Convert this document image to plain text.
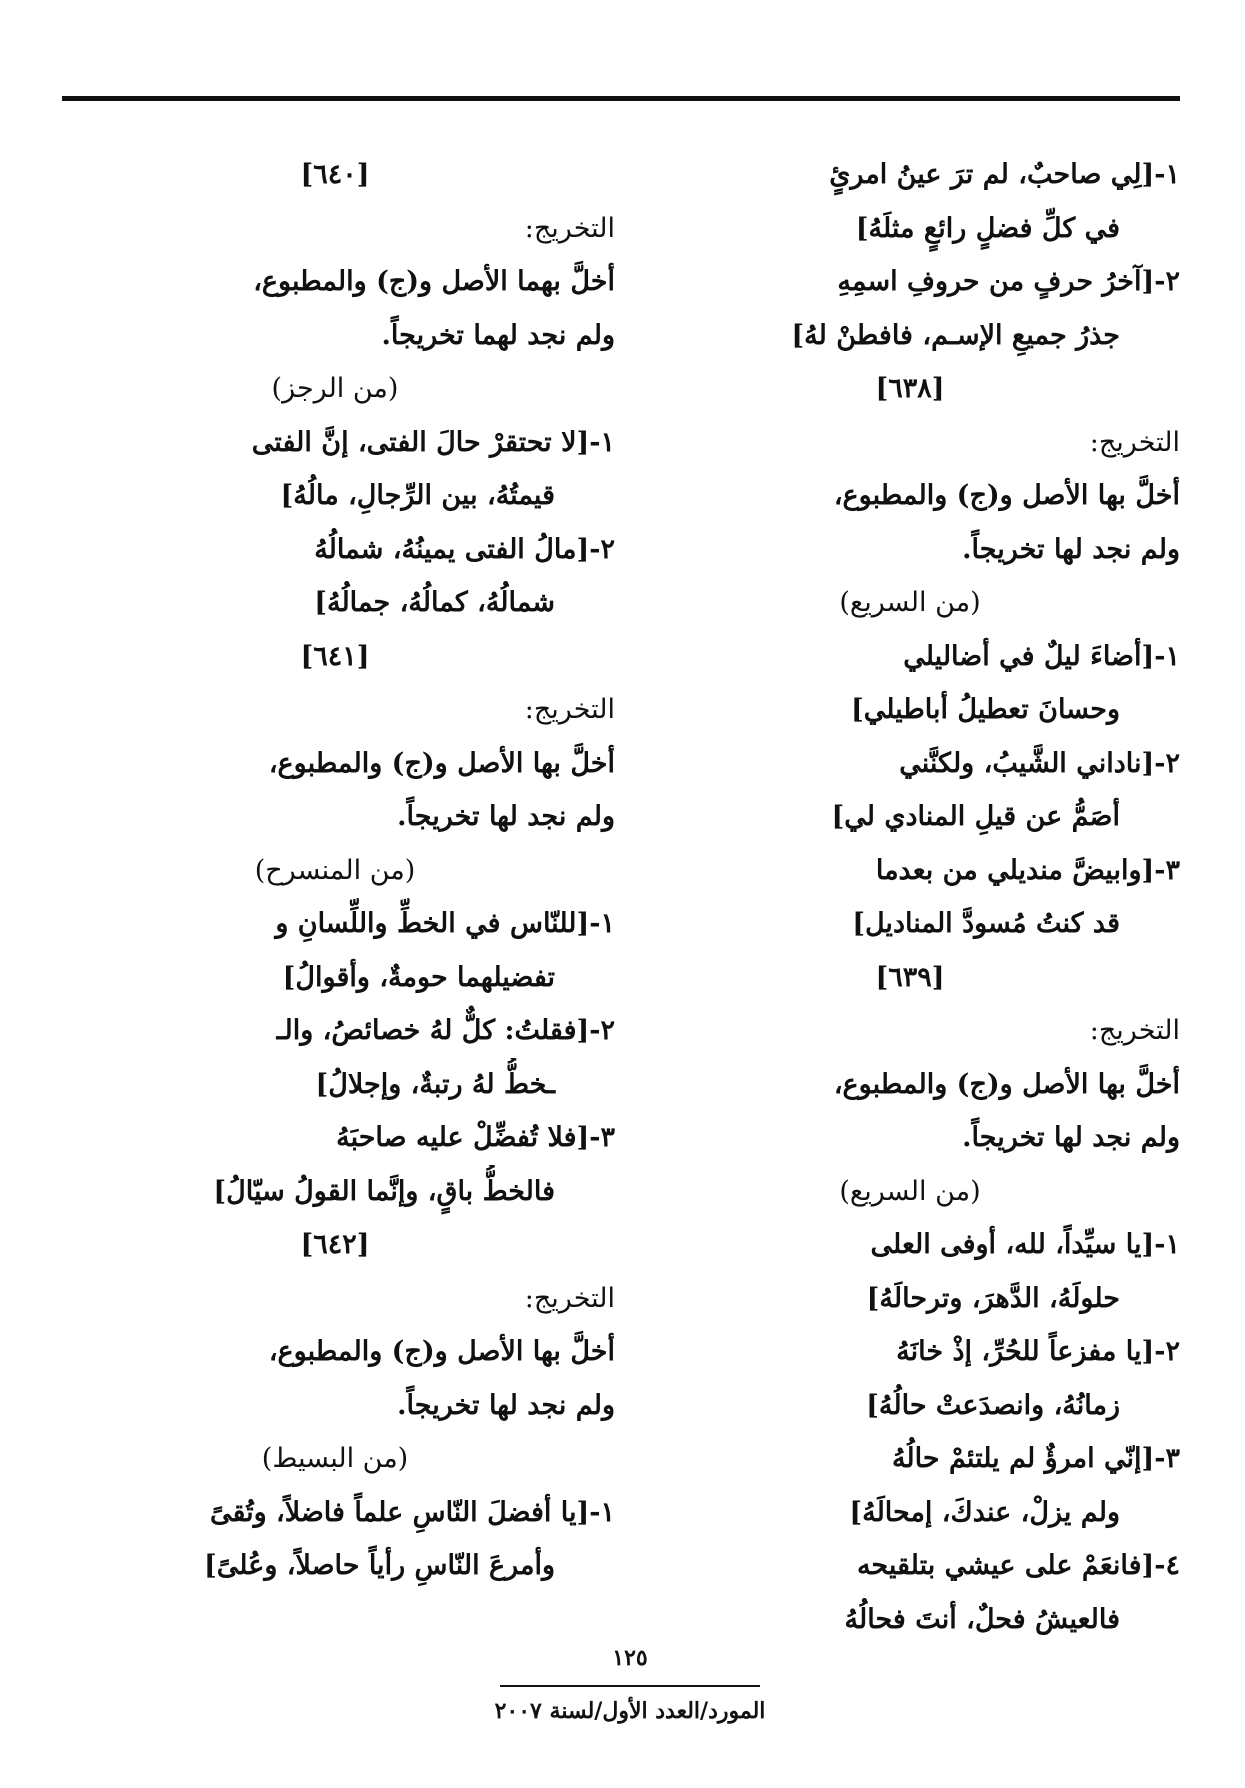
١-[لِي صاحبٌ، لم ترَ عينُ امرئٍ
في كلِّ فضلٍ رائعٍ مثلَهُ]
٢-[آخرُ حرفٍ من حروفِ اسمِهِ
جذرُ جميعِ الإسـم، فافطنْ لهُ]
[٦٣٨]
التخريج:
أخلَّ بها الأصل و(ج) والمطبوع،
ولم نجد لها تخريجاً.
(من السريع)
١-[أضاءَ ليلٌ في أضاليلي
وحسانَ تعطيلُ أباطيلي]
٢-[ناداني الشَّيبُ، ولكنَّني
أصَمُّ عن قيلِ المنادي لي]
٣-[وابيضَّ منديلي من بعدما
قد كنتُ مُسودَّ المناديل]
[٦٣٩]
التخريج:
أخلَّ بها الأصل و(ج) والمطبوع،
ولم نجد لها تخريجاً.
(من السريع)
١-[يا سيِّداً، لله، أوفى العلى
حلولَهُ، الدَّهرَ، وترحالَهُ]
٢-[يا مفزعاً للحُرِّ، إذْ خانَهُ
زمانُهُ، وانصدَعتْ حالُهُ]
٣-[إنّي امرؤٌ لم يلتئمْ حالُهُ
ولم يزلْ، عندكَ، إمحالَهُ]
٤-[فانعَمْ على عيشي بتلقيحه
فالعيشُ فحلٌ، أنتَ فحالُهُ
[٦٤٠]
التخريج:
أخلَّ بهما الأصل و(ج) والمطبوع،
ولم نجد لهما تخريجاً.
(من الرجز)
١-[لا تحتقرْ حالَ الفتى، إنَّ الفتى
قيمتُهُ، بين الرِّجالِ، مالُهُ]
٢-[مالُ الفتى يمينُهُ، شمالُهُ
شمالُهُ، كمالُهُ، جمالُهُ]
[٦٤١]
التخريج:
أخلَّ بها الأصل و(ج) والمطبوع،
ولم نجد لها تخريجاً.
(من المنسرح)
١-[للنّاس في الخطِّ واللِّسانِ و
تفضيلهما حومةٌ، وأقوالُ]
٢-[فقلتُ: كلٌّ لهُ خصائصُ، والـ
ـخطُّ لهُ رتبةٌ، وإجلالُ]
٣-[فلا تُفضِّلْ عليه صاحبَهُ
فالخطُّ باقٍ، وإنَّما القولُ سيّالُ]
[٦٤٢]
التخريج:
أخلَّ بها الأصل و(ج) والمطبوع،
ولم نجد لها تخريجاً.
(من البسيط)
١-[يا أفضلَ النّاسِ علماً فاضلاً، وتُقىً
وأمرعَ النّاسِ رأياً حاصلاً، وعُلىً]
١٢٥
المورد/العدد الأول/لسنة ٢٠٠٧
